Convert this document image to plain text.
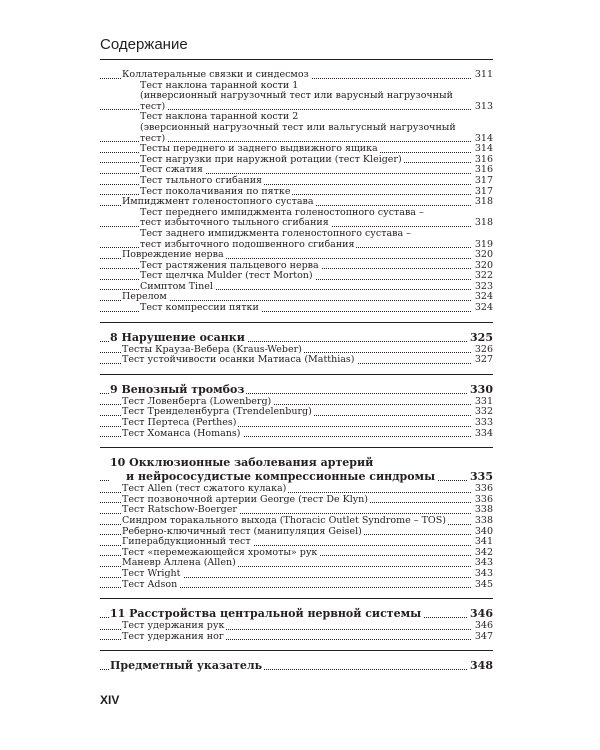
Содержание
Коллатеральные связки и синдесмоз	311
Тест наклона таранной кости 1
(инверсионный нагрузочный тест или варусный нагрузочный тест)	313
Тест наклона таранной кости 2
(эверсионный нагрузочный тест или вальгусный нагрузочный тест)	314
Тесты переднего и заднего выдвижного ящика	314
Тест нагрузки при наружной ротации (тест Kleiger)	316
Тест сжатия	316
Тест тыльного сгибания	317
Тест поколачивания по пятке	317
Импиджмент голеностопного сустава	318
Тест переднего импиджмента голеностопного сустава –
тест избыточного тыльного сгибания	318
Тест заднего импиджмента голеностопного сустава –
тест избыточного подошвенного сгибания	319
Повреждение нерва	320
Тест растяжения пальцевого нерва	320
Тест щелчка Mulder (тест Morton)	322
Симптом Tinel	323
Перелом	324
Тест компрессии пятки	324
8 Нарушение осанки	325
Тесты Крауза-Вебера (Kraus-Weber)	326
Тест устойчивости осанки Матиаса (Matthias)	327
9 Венозный тромбоз	330
Тест Ловенберга (Lowenberg)	331
Тест Тренделенбурга (Trendelenburg)	332
Тест Пертеса (Perthes)	333
Тест Хоманса (Homans)	334
10 Окклюзионные заболевания артерий
и нейрососудистые компрессионные синдромы	335
Тест Allen (тест сжатого кулака)	336
Тест позвоночной артерии George (тест De Klyn)	336
Тест Ratschow-Boerger	338
Синдром торакального выхода (Thoracic Outlet Syndrome – TOS)	338
Реберно-ключичный тест (манипуляция Geisel)	340
Гиперабдукционный тест	341
Тест «перемежающейся хромоты» рук	342
Маневр Аллена (Allen)	343
Тест Wright	343
Тест Adson	345
11 Расстройства центральной нервной системы	346
Тест удержания рук	346
Тест удержания ног	347
Предметный указатель	348
XIV
